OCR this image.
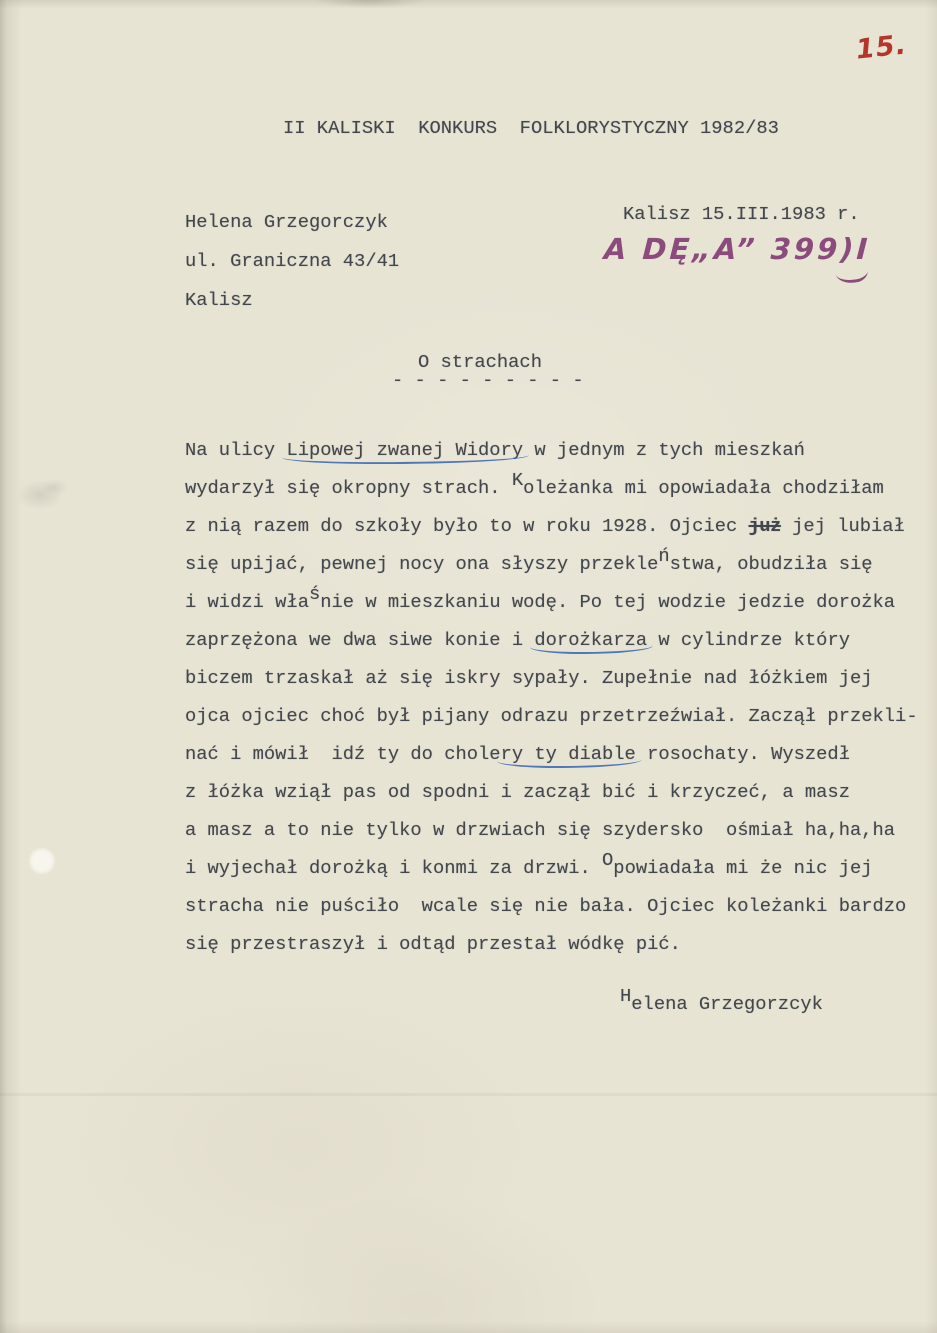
15.
II KALISKI  KONKURS  FOLKLORYSTYCZNY 1982/83
Helena Grzegorczyk
ul. Graniczna 43/41
Kalisz
Kalisz 15.III.1983 r.
A DĘ„A” 399)I
O strachach
- - - - - - - - -
Na ulicy Lipowej zwanej Widory w jednym z tych mieszkań
wydarzył się okropny strach. Koleżanka mi opowiadała chodziłam
z nią razem do szkoły było to w roku 1928. Ojciec już jej lubiał
się upijać, pewnej nocy ona słyszy przekleństwa, obudziła się
i widzi właśnie w mieszkaniu wodę. Po tej wodzie jedzie dorożka
zaprzężona we dwa siwe konie i dorożkarza w cylindrze który
biczem trzaskał aż się iskry sypały. Zupełnie nad łóżkiem jej
ojca ojciec choć był pijany odrazu przetrzeźwiał. Zaczął przekli-
nać i mówił  idź ty do cholery ty diable rosochaty. Wyszedł
z łóżka wziął pas od spodni i zaczął bić i krzyczeć, a masz
a masz a to nie tylko w drzwiach się szydersko  ośmiał ha,ha,ha
i wyjechał dorożką i konmi za drzwi. Opowiadała mi że nic jej
stracha nie puściło  wcale się nie bała. Ojciec koleżanki bardzo
się przestraszył i odtąd przestał wódkę pić.
Helena Grzegorzcyk
